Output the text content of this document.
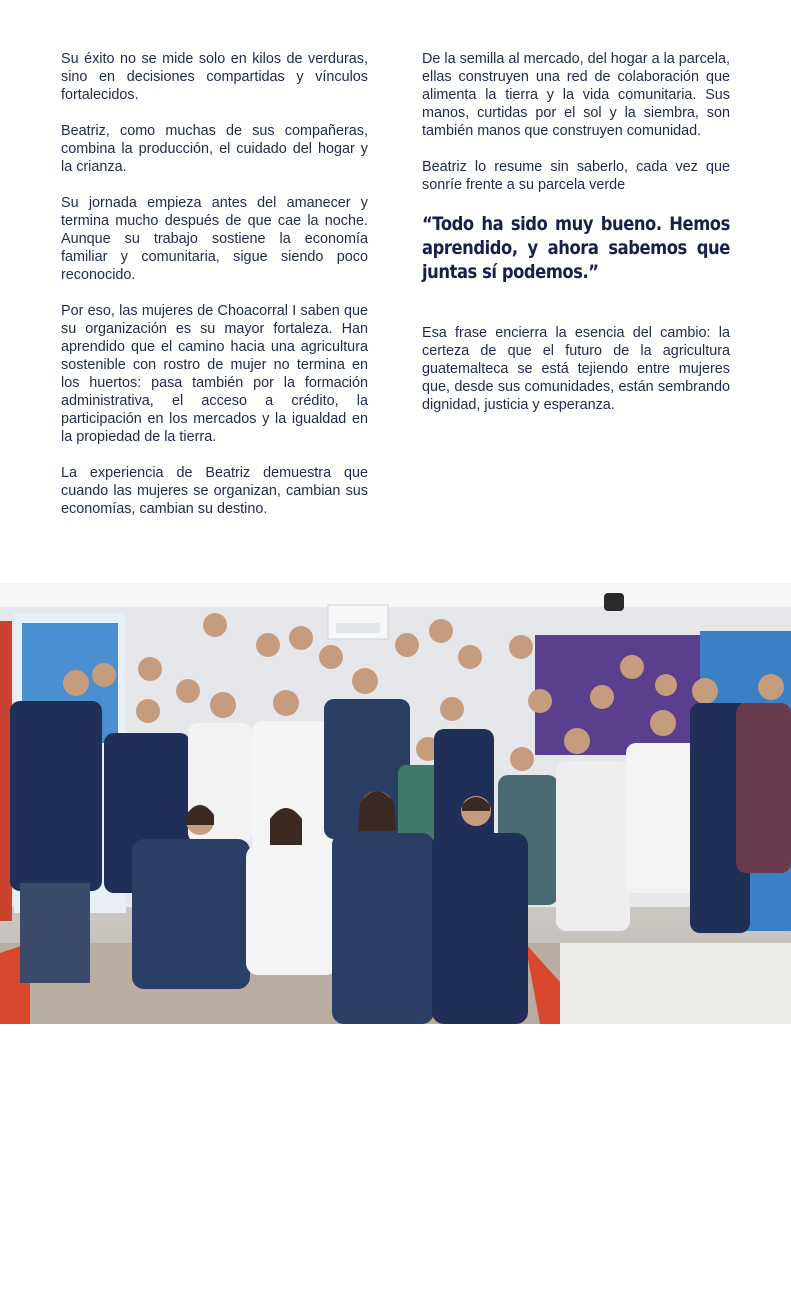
Su éxito no se mide solo en kilos de verduras, sino en decisiones compartidas y vínculos fortalecidos.

Beatriz, como muchas de sus compañeras, combina la producción, el cuidado del hogar y la crianza.

Su jornada empieza antes del amanecer y termina mucho después de que cae la noche. Aunque su trabajo sostiene la economía familiar y comunitaria, sigue siendo poco reconocido.

Por eso, las mujeres de Choacorral I saben que su organización es su mayor fortaleza. Han aprendido que el camino hacia una agricultura sostenible con rostro de mujer no termina en los huertos: pasa también por la formación administrativa, el acceso a crédito, la participación en los mercados y la igualdad en la propiedad de la tierra.

La experiencia de Beatriz demuestra que cuando las mujeres se organizan, cambian sus economías, cambian su destino.

De la semilla al mercado, del hogar a la parcela, ellas construyen una red de colaboración que alimenta la tierra y la vida comunitaria. Sus manos, curtidas por el sol y la siembra, son también manos que construyen comunidad.

Beatriz lo resume sin saberlo, cada vez que sonríe frente a su parcela verde

“Todo ha sido muy bueno. Hemos aprendido, y ahora sabemos que juntas sí podemos.”

Esa frase encierra la esencia del cambio: la certeza de que el futuro de la agricultura guatemalteca se está tejiendo entre mujeres que, desde sus comunidades, están sembrando dignidad, justicia y esperanza.

CARE, siempre presente
